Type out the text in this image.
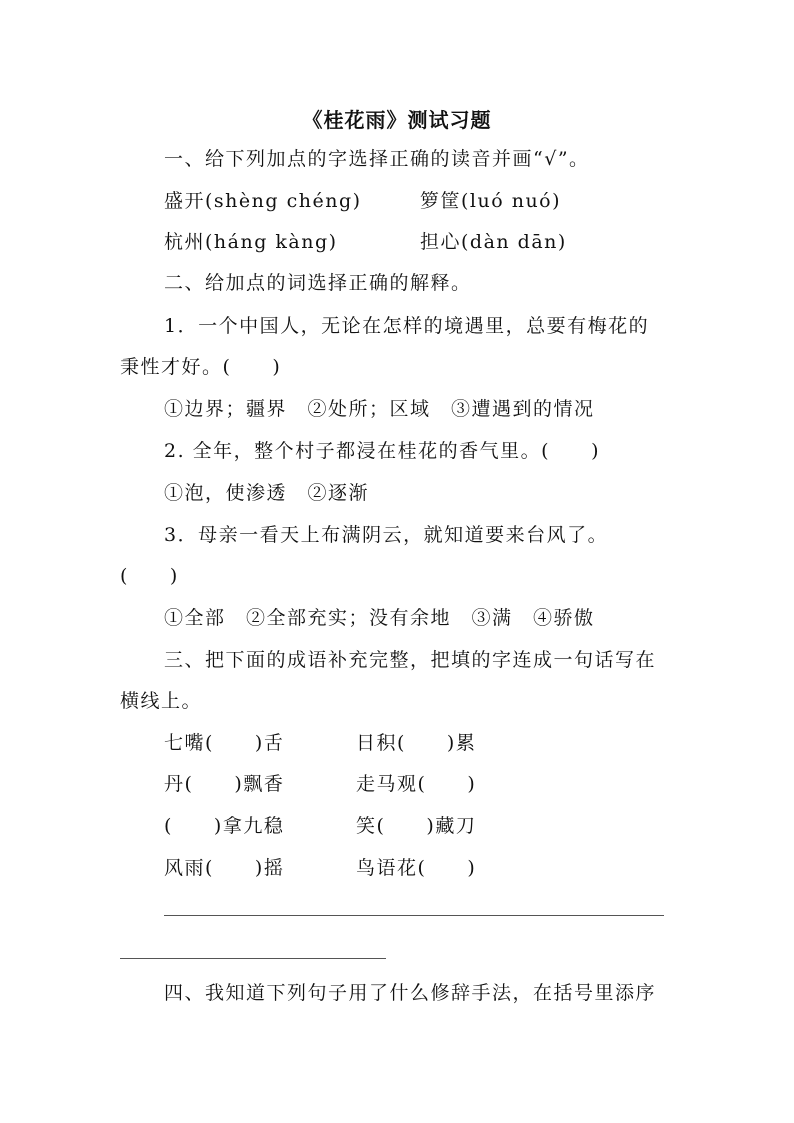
《桂花雨》测试习题
一、给下列加点的字选择正确的读音并画“√”。
盛开(shèng chéng)	箩筐(luó nuó)
杭州(háng kàng)	担心(dàn dān)
二、给加点的词选择正确的解释。
1．一个中国人，无论在怎样的境遇里，总要有梅花的
秉性才好。(　　)
①边界；疆界　②处所；区域　③遭遇到的情况
2. 全年，整个村子都浸在桂花的香气里。(　　)
①泡，使渗透　②逐渐
3．母亲一看天上布满阴云，就知道要来台风了。
(　　)
①全部　②全部充实；没有余地　③满　④骄傲
三、把下面的成语补充完整，把填的字连成一句话写在
横线上。
七嘴(　　)舌	日积(　　)累
丹(　　)飘香	走马观(　　)
(　　)拿九稳	笑(　　)藏刀
风雨(　　)摇	鸟语花(　　)
四、我知道下列句子用了什么修辞手法，在括号里添序
